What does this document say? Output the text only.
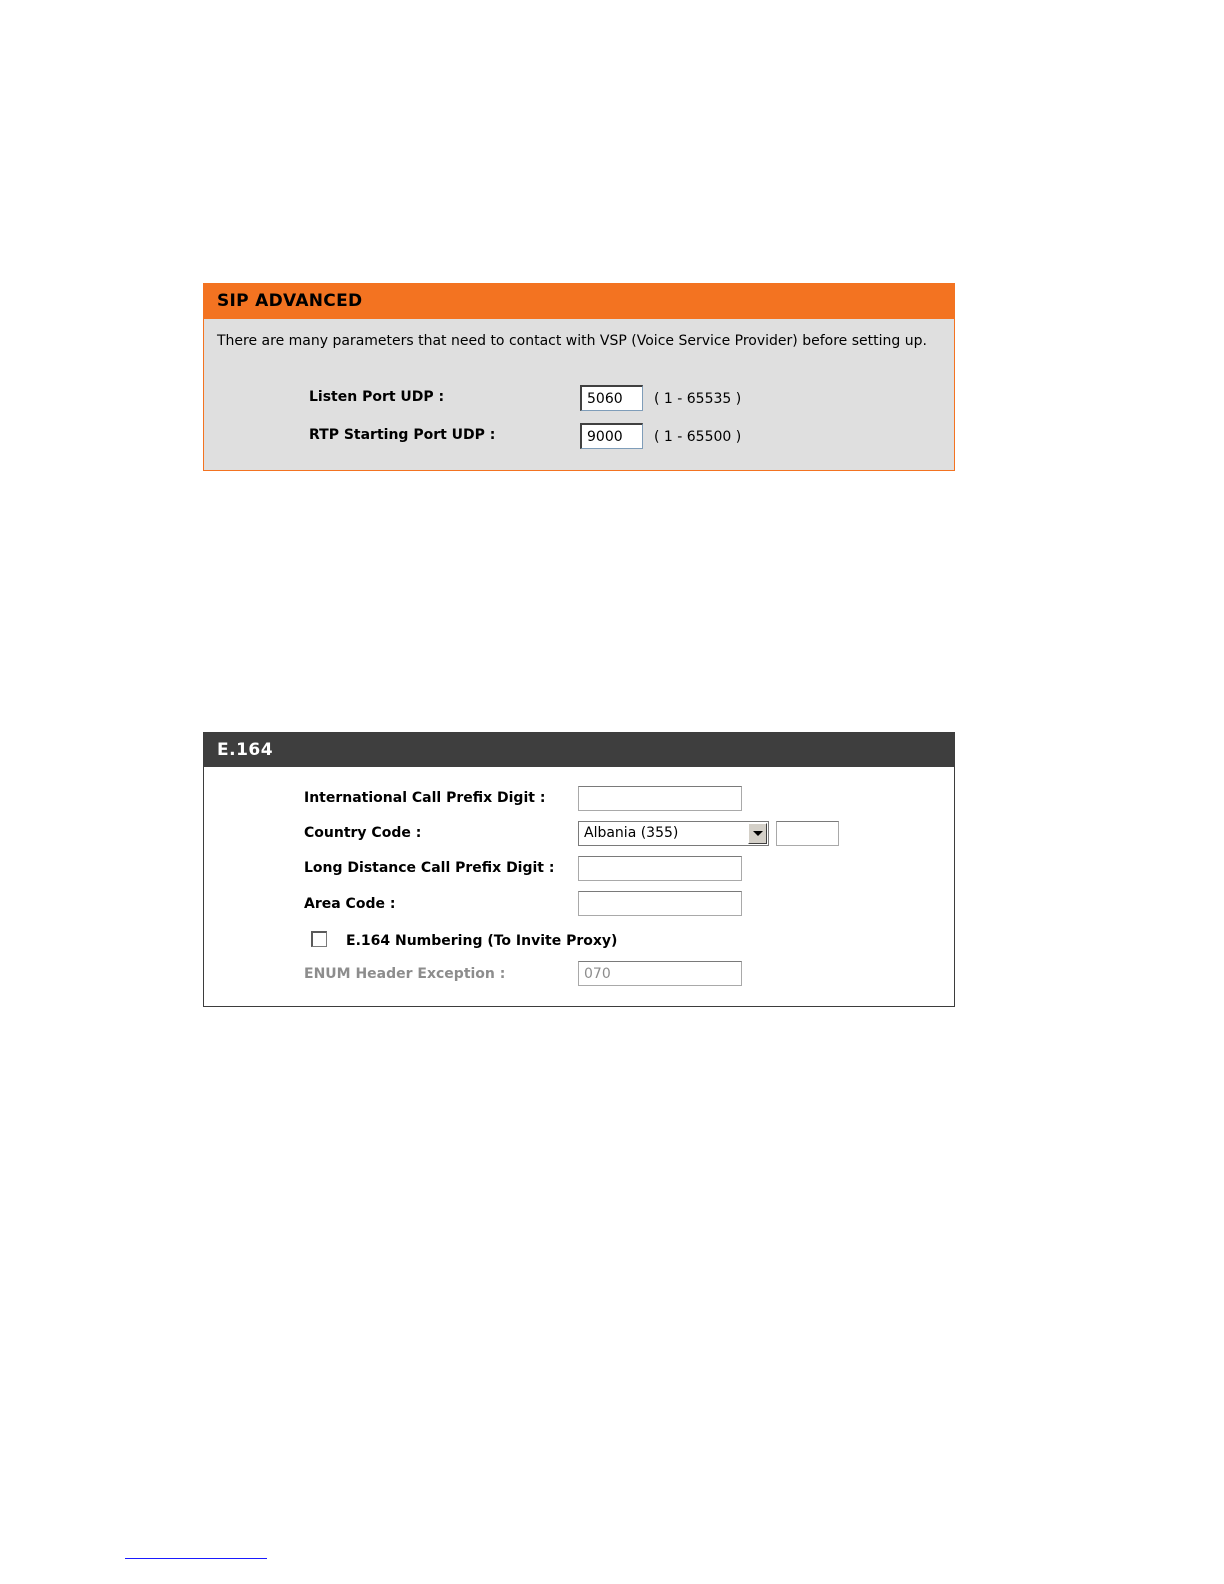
SIP ADVANCED
There are many parameters that need to contact with VSP (Voice Service Provider) before setting up.
Listen Port UDP :
5060	( 1 - 65535 )
RTP Starting Port UDP :
9000	( 1 - 65500 )
E.164
International Call Prefix Digit :
Country Code :	Albania (355)
Long Distance Call Prefix Digit :
Area Code :
E.164 Numbering (To Invite Proxy)
ENUM Header Exception :
070
